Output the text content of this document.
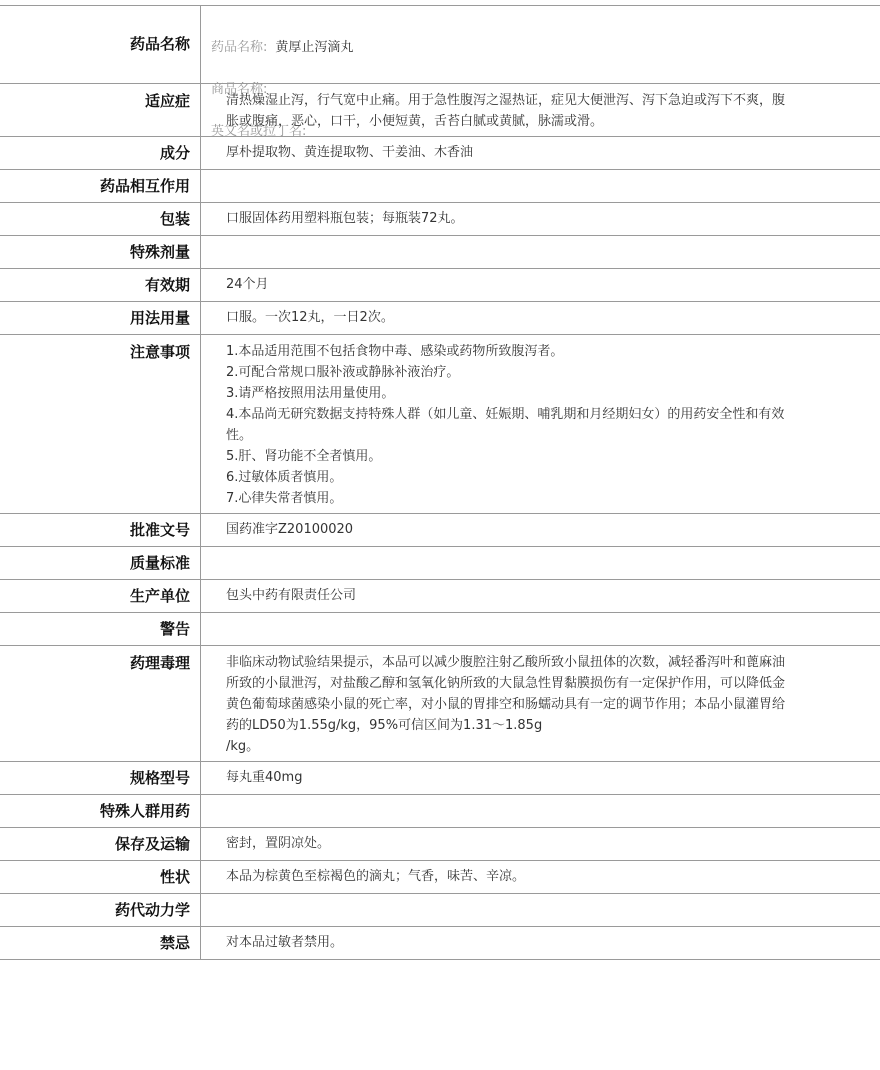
药品名称	药品名称: 黄厚止泻滴丸

商品名称:

英文名或拉丁名:

适应症	清热燥湿止泻，行气宽中止痛。用于急性腹泻之湿热证，症见大便泄泻、泻下急迫或泻下不爽，腹胀或腹痛，恶心，口干，小便短黄，舌苔白腻或黄腻，脉濡或滑。
成分	厚朴提取物、黄连提取物、干姜油、木香油
药品相互作用
包装	口服固体药用塑料瓶包装；每瓶装72丸。
特殊剂量
有效期	24个月
用法用量	口服。一次12丸，一日2次。
注意事项	1.本品适用范围不包括食物中毒、感染或药物所致腹泻者。
2.可配合常规口服补液或静脉补液治疗。
3.请严格按照用法用量使用。
4.本品尚无研究数据支持特殊人群（如儿童、妊娠期、哺乳期和月经期妇女）的用药安全性和有效性。
5.肝、肾功能不全者慎用。
6.过敏体质者慎用。
7.心律失常者慎用。
批准文号	国药准字Z20100020
质量标准
生产单位	包头中药有限责任公司
警告
药理毒理	非临床动物试验结果提示，本品可以减少腹腔注射乙酸所致小鼠扭体的次数，减轻番泻叶和蓖麻油所致的小鼠泄泻，对盐酸乙醇和氢氧化钠所致的大鼠急性胃黏膜损伤有一定保护作用，可以降低金黄色葡萄球菌感染小鼠的死亡率，对小鼠的胃排空和肠蠕动具有一定的调节作用；本品小鼠灌胃给药的LD50为1.55g/kg，95%可信区间为1.31～1.85g
/kg。
规格型号	每丸重40mg
特殊人群用药
保存及运输	密封，置阴凉处。
性状	本品为棕黄色至棕褐色的滴丸；气香，味苦、辛凉。
药代动力学
禁忌	对本品过敏者禁用。
